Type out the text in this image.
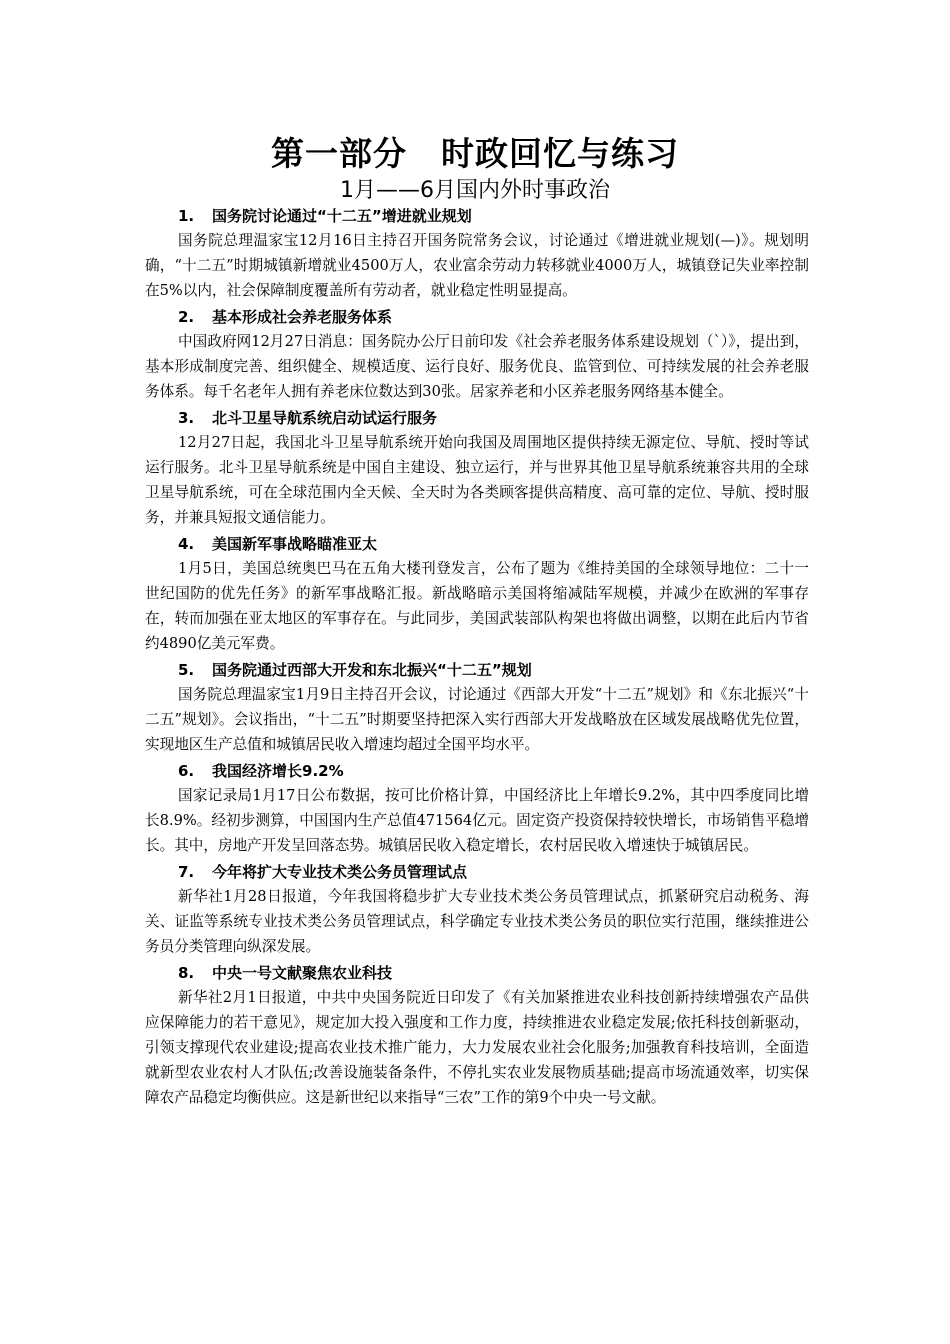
第一部分　时政回忆与练习
1月——6月国内外时事政治
1. 国务院讨论通过“十二五”增进就业规划

国务院总理温家宝12月16日主持召开国务院常务会议，讨论通过《增进就业规划(—)》。规划明确，“十二五”时期城镇新增就业4500万人，农业富余劳动力转移就业4000万人，城镇登记失业率控制在5%以内，社会保障制度覆盖所有劳动者，就业稳定性明显提高。

2. 基本形成社会养老服务体系

中国政府网12月27日消息：国务院办公厅日前印发《社会养老服务体系建设规划（`）》，提出到，基本形成制度完善、组织健全、规模适度、运行良好、服务优良、监管到位、可持续发展的社会养老服务体系。每千名老年人拥有养老床位数达到30张。居家养老和小区养老服务网络基本健全。

3. 北斗卫星导航系统启动试运行服务

12月27日起，我国北斗卫星导航系统开始向我国及周围地区提供持续无源定位、导航、授时等试运行服务。北斗卫星导航系统是中国自主建设、独立运行，并与世界其他卫星导航系统兼容共用的全球卫星导航系统，可在全球范围内全天候、全天时为各类顾客提供高精度、高可靠的定位、导航、授时服务，并兼具短报文通信能力。

4. 美国新军事战略瞄准亚太

1月5日，美国总统奥巴马在五角大楼刊登发言，公布了题为《维持美国的全球领导地位：二十一世纪国防的优先任务》的新军事战略汇报。新战略暗示美国将缩减陆军规模，并减少在欧洲的军事存在，转而加强在亚太地区的军事存在。与此同步，美国武装部队构架也将做出调整，以期在此后内节省约4890亿美元军费。

5. 国务院通过西部大开发和东北振兴“十二五”规划

国务院总理温家宝1月9日主持召开会议，讨论通过《西部大开发“十二五”规划》和《东北振兴“十二五”规划》。会议指出，“十二五”时期要坚持把深入实行西部大开发战略放在区域发展战略优先位置，实现地区生产总值和城镇居民收入增速均超过全国平均水平。

6. 我国经济增长9.2%

国家记录局1月17日公布数据，按可比价格计算，中国经济比上年增长9.2%，其中四季度同比增长8.9%。经初步测算，中国国内生产总值471564亿元。固定资产投资保持较快增长，市场销售平稳增长。其中，房地产开发呈回落态势。城镇居民收入稳定增长，农村居民收入增速快于城镇居民。

7. 今年将扩大专业技术类公务员管理试点

新华社1月28日报道，今年我国将稳步扩大专业技术类公务员管理试点，抓紧研究启动税务、海关、证监等系统专业技术类公务员管理试点，科学确定专业技术类公务员的职位实行范围，继续推进公务员分类管理向纵深发展。

8. 中央一号文献聚焦农业科技

新华社2月1日报道，中共中央国务院近日印发了《有关加紧推进农业科技创新持续增强农产品供应保障能力的若干意见》，规定加大投入强度和工作力度，持续推进农业稳定发展;依托科技创新驱动，引领支撑现代农业建设;提高农业技术推广能力，大力发展农业社会化服务;加强教育科技培训，全面造就新型农业农村人才队伍;改善设施装备条件，不停扎实农业发展物质基础;提高市场流通效率，切实保障农产品稳定均衡供应。这是新世纪以来指导“三农”工作的第9个中央一号文献。
